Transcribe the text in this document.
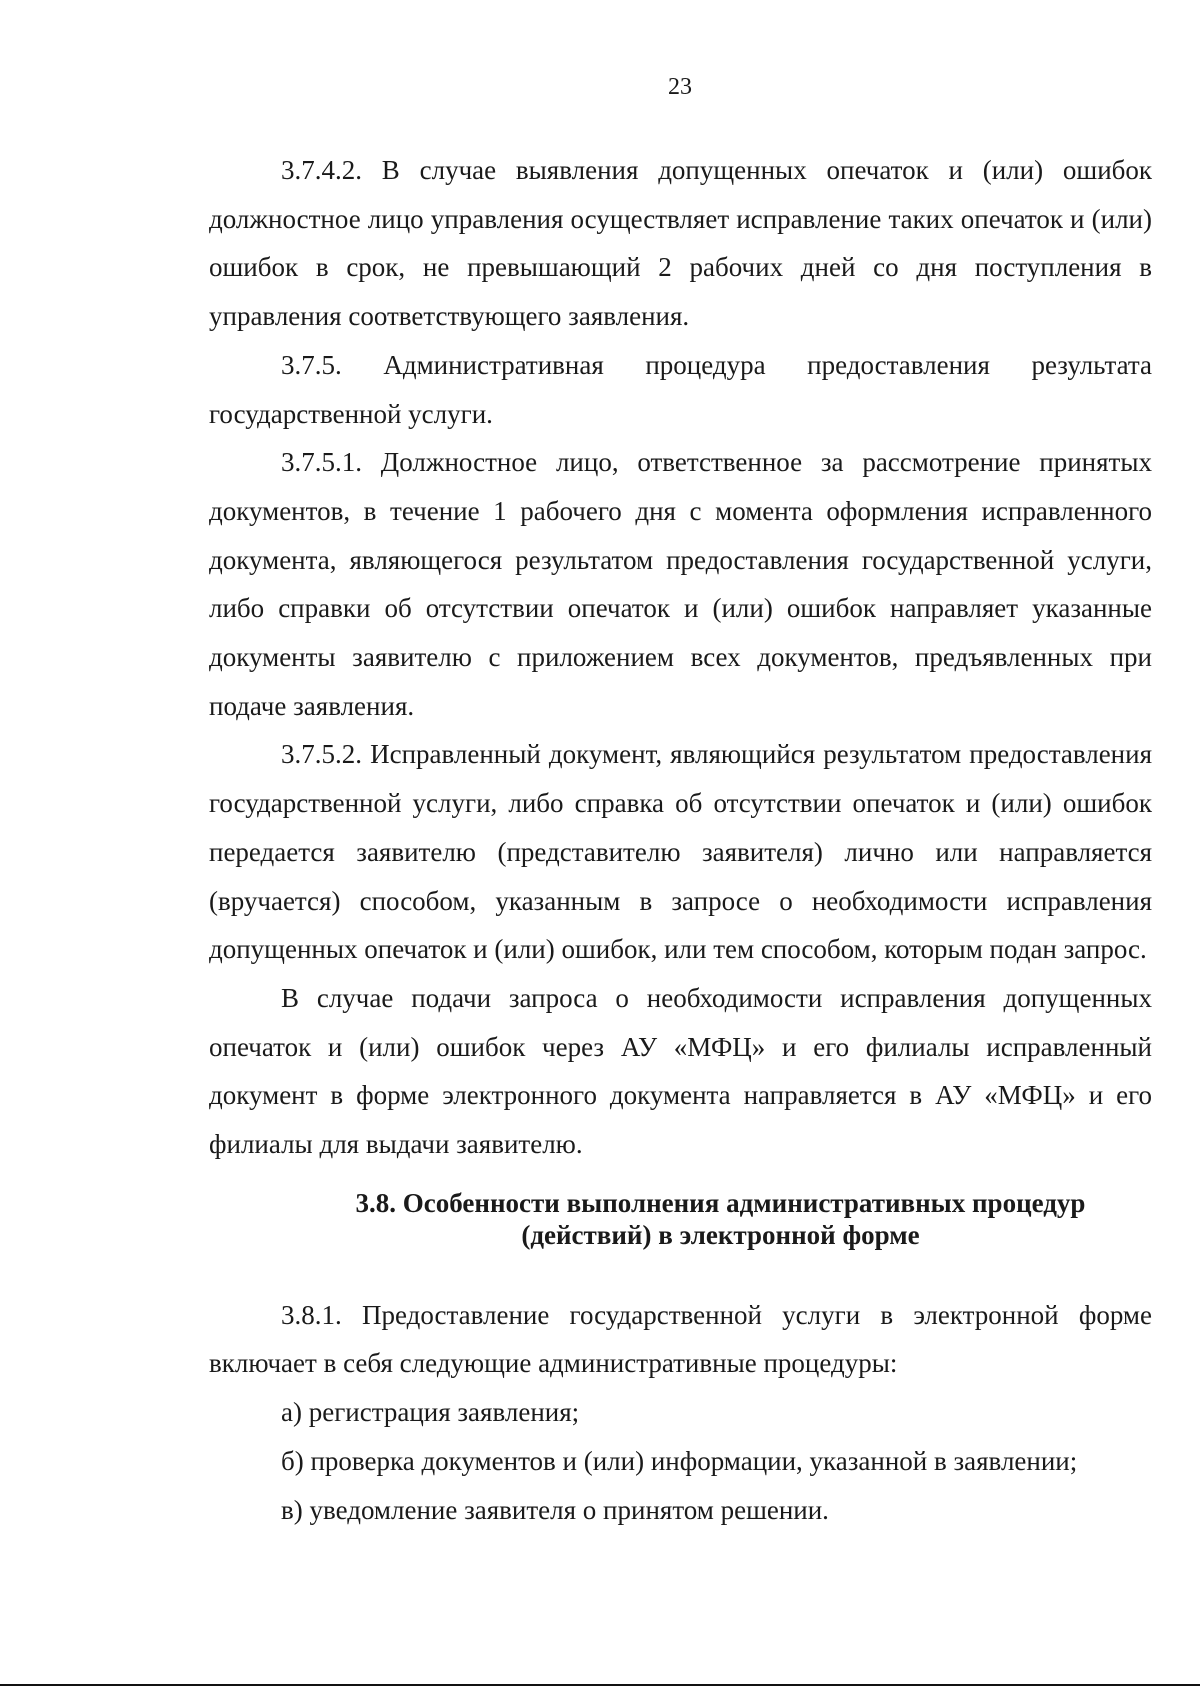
23

3.7.4.2. В случае выявления допущенных опечаток и (или) ошибок должностное лицо управления осуществляет исправление таких опечаток и (или) ошибок в срок, не превышающий 2 рабочих дней со дня поступления в управления соответствующего заявления.

3.7.5. Административная процедура предоставления результата государственной услуги.

3.7.5.1. Должностное лицо, ответственное за рассмотрение принятых документов, в течение 1 рабочего дня с момента оформления исправленного документа, являющегося результатом предоставления государственной услуги, либо справки об отсутствии опечаток и (или) ошибок направляет указанные документы заявителю с приложением всех документов, предъявленных при подаче заявления.

3.7.5.2. Исправленный документ, являющийся результатом предоставления государственной услуги, либо справка об отсутствии опечаток и (или) ошибок передается заявителю (представителю заявителя) лично или направляется (вручается) способом, указанным в запросе о необходимости исправления допущенных опечаток и (или) ошибок, или тем способом, которым подан запрос.

В случае подачи запроса о необходимости исправления допущенных опечаток и (или) ошибок через АУ «МФЦ» и его филиалы исправленный документ в форме электронного документа направляется в АУ «МФЦ» и его филиалы для выдачи заявителю.

3.8. Особенности выполнения административных процедур
(действий) в электронной форме

3.8.1. Предоставление государственной услуги в электронной форме включает в себя следующие административные процедуры:

а) регистрация заявления;

б) проверка документов и (или) информации, указанной в заявлении;

в) уведомление заявителя о принятом решении.
